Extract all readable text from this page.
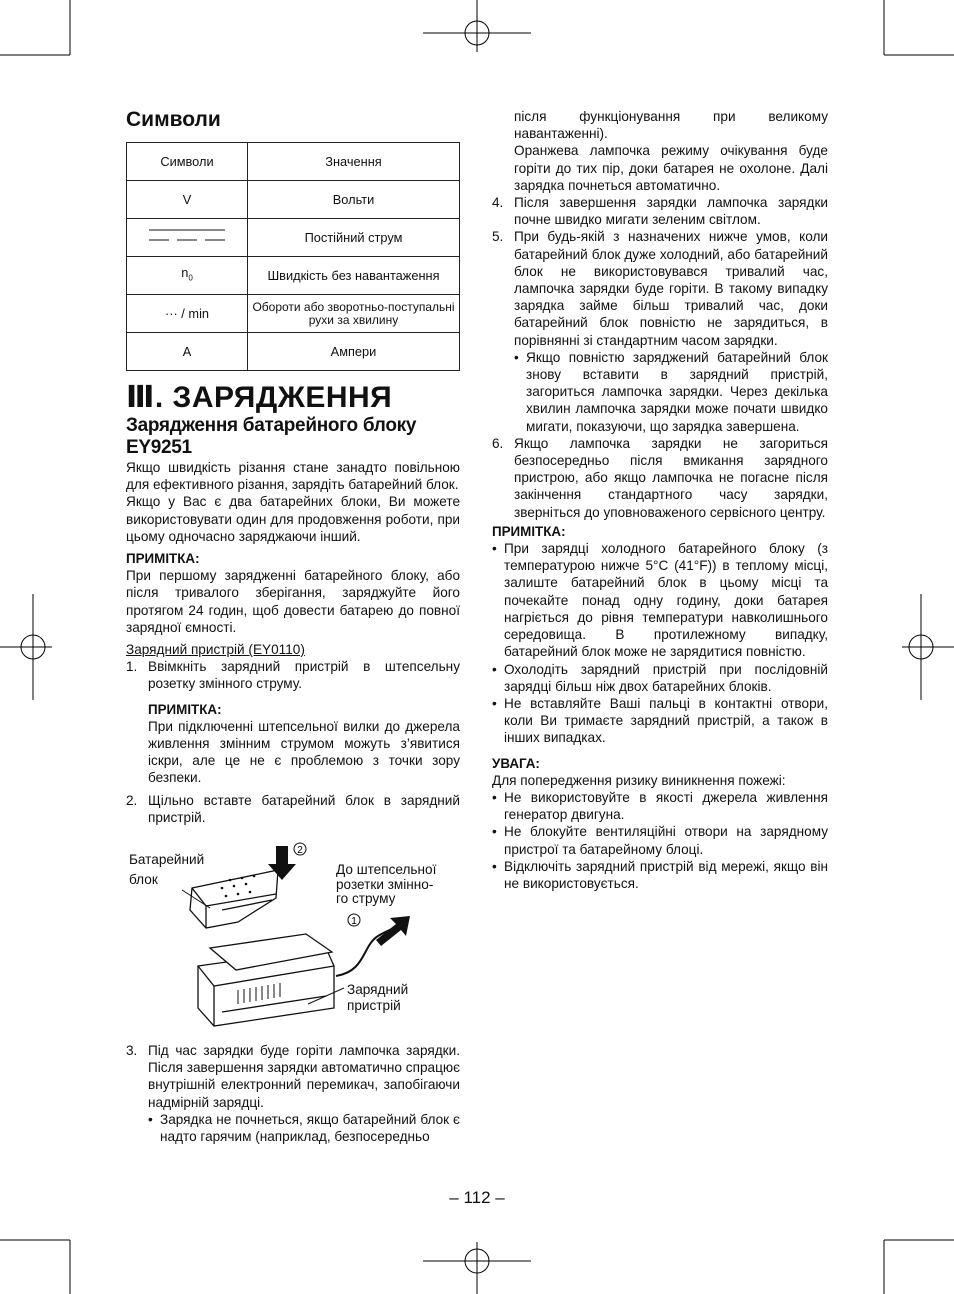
Символи
Символи	Значення
V	Вольти
	Постійний струм
$n_0$	Швидкість без навантаження
··· / min	Обороти або зворотньо-поступальні рухи за хвилину
A	Ампери
Ⅲ. ЗАРЯДЖЕННЯ
Зарядження батарейного блоку EY9251

Якщо швидкість різання стане занадто повільною для ефективного різання, зарядіть батарейний блок.

Якщо у Вас є два батарейних блоки, Ви можете використовувати один для продовження роботи, при цьому одночасно заряджаючи інший.

ПРИМІТКА:

При першому зарядженні батарейного блоку, або після тривалого зберігання, заряджуйте його протягом 24 годин, щоб довести батарею до повної зарядної ємності.

Зарядний пристрій (EY0110)
1. Ввімкніть зарядний пристрій в штепсельну розетку змінного струму.
ПРИМІТКА:

При підключенні штепсельної вилки до джерела живлення змінним струмом можуть з’явитися іскри, але це не є проблемою з точки зору безпеки.

2. Щільно вставте батарейний блок в зарядний пристрій.
2
1
Батарейний
блок
До штепсельної
розетки змінно-
го струму
Зарядний
пристрій
3. Під час зарядки буде горіти лампочка зарядки. Після завершення зарядки автоматично спрацює внутрішній електронний перемикач, запобігаючи надмірній зарядці.
• Зарядка не почнеться, якщо батарейний блок є надто гарячим (наприклад, безпосередньо

після функціонування при великому навантаженні).

Оранжева лампочка режиму очікування буде горіти до тих пір, доки батарея не охолоне. Далі зарядка почнеться автоматично.

4. Після завершення зарядки лампочка зарядки почне швидко мигати зеленим світлом.
5. При будь-якій з назначених нижче умов, коли батарейний блок дуже холодний, або батарейний блок не використовувався тривалий час, лампочка зарядки буде горіти. В такому випадку зарядка займе більш тривалий час, доки батарейний блок повністю не зарядиться, в порівнянні зі стандартним часом зарядки.
• Якщо повністю заряджений батарейний блок знову вставити в зарядний пристрій, загориться лампочка зарядки. Через декілька хвилин лампочка зарядки може почати швидко мигати, показуючи, що зарядка завершена.
6. Якщо лампочка зарядки не загориться безпосередньо після вмикання зарядного пристрою, або якщо лампочка не погасне після закінчення стандартного часу зарядки, зверніться до уповноваженого сервісного центру.
ПРИМІТКА:
• При зарядці холодного батарейного блоку (з температурою нижче 5°C (41°F)) в теплому місці, залиште батарейний блок в цьому місці та почекайте понад одну годину, доки батарея нагріється до рівня температури навколишнього середовища. В протилежному випадку, батарейний блок може не зарядитися повністю.
• Охолодіть зарядний пристрій при послідовній зарядці більш ніж двох батарейних блоків.
• Не вставляйте Ваші пальці в контактні отвори, коли Ви тримаєте зарядний пристрій, а також в інших випадках.
УВАГА:

Для попередження ризику виникнення пожежі:

• Не використовуйте в якості джерела живлення генератор двигуна.
• Не блокуйте вентиляційні отвори на зарядному пристрої та батарейному блоці.
• Відключіть зарядний пристрій від мережі, якщо він не використовується.
– 112 –
